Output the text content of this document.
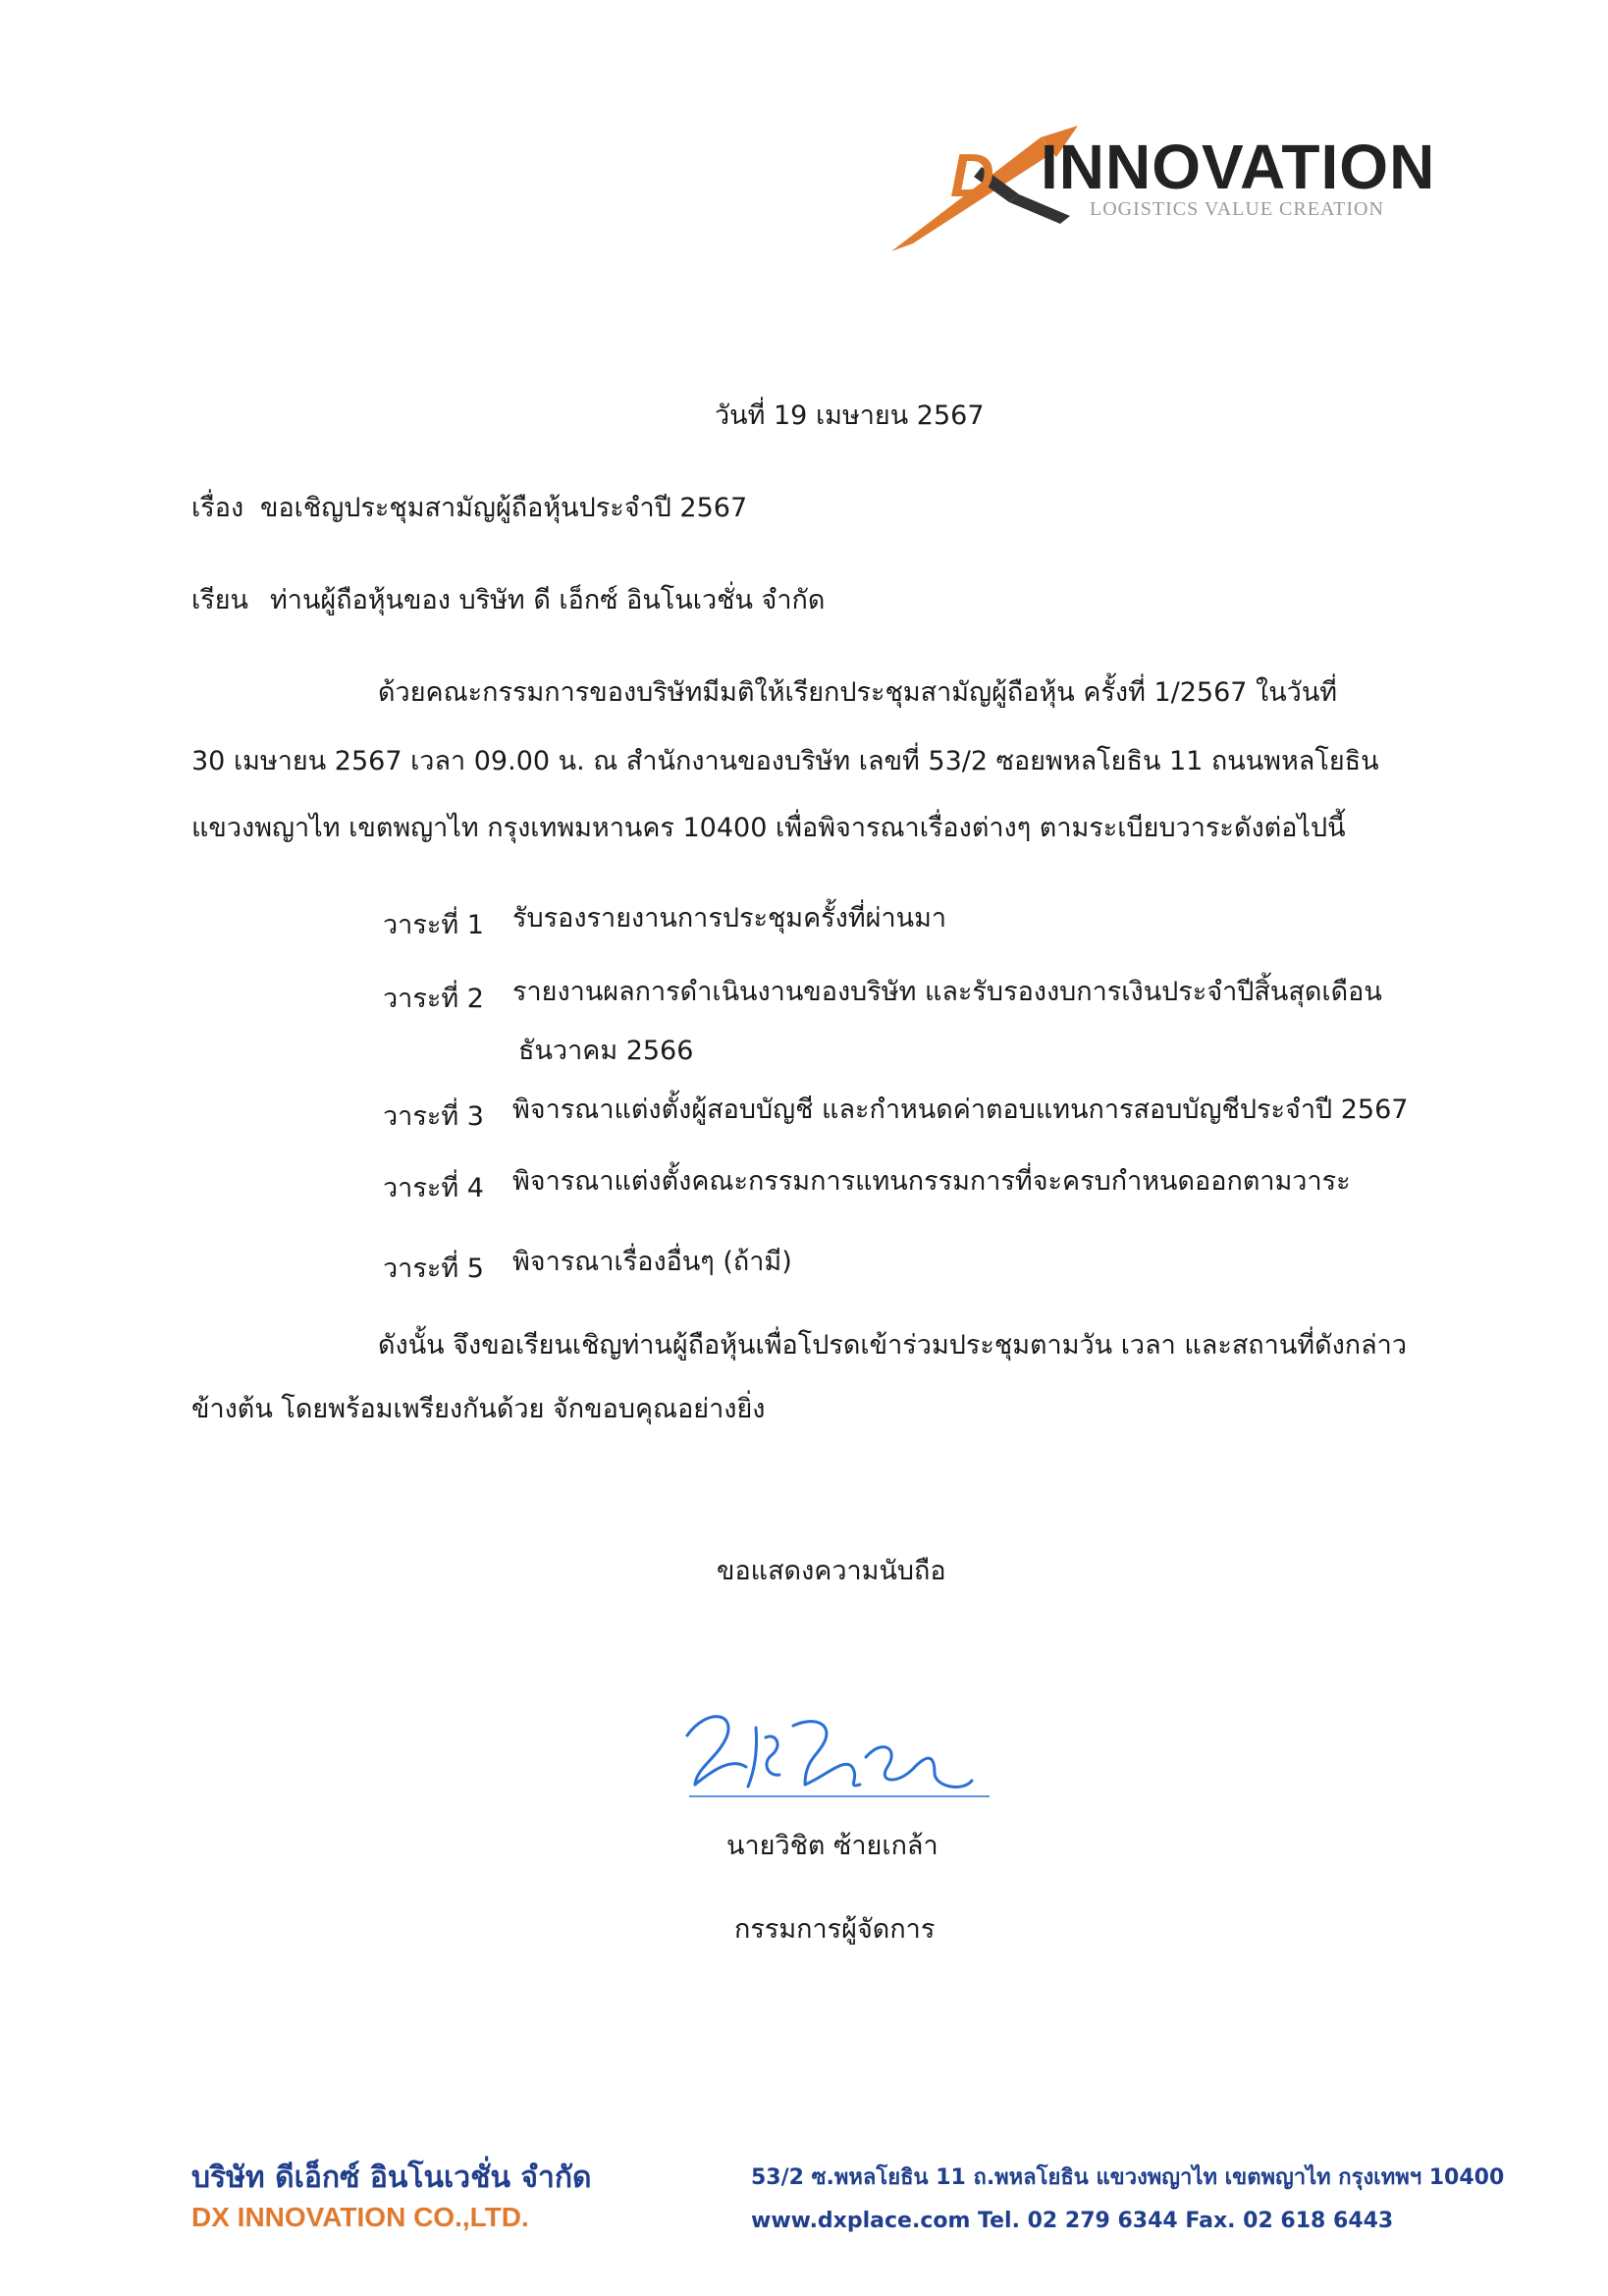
D INNOVATION
LOGISTICS VALUE CREATION
วันที่ 19 เมษายน 2567
เรื่อง ขอเชิญประชุมสามัญผู้ถือหุ้นประจำปี 2567
เรียน ท่านผู้ถือหุ้นของ บริษัท ดี เอ็กซ์ อินโนเวชั่น จำกัด
ด้วยคณะกรรมการของบริษัทมีมติให้เรียกประชุมสามัญผู้ถือหุ้น ครั้งที่ 1/2567 ในวันที่
30 เมษายน 2567 เวลา 09.00 น. ณ สำนักงานของบริษัท เลขที่ 53/2 ซอยพหลโยธิน 11 ถนนพหลโยธิน
แขวงพญาไท เขตพญาไท กรุงเทพมหานคร 10400 เพื่อพิจารณาเรื่องต่างๆ ตามระเบียบวาระดังต่อไปนี้
วาระที่ 1 รับรองรายงานการประชุมครั้งที่ผ่านมา
วาระที่ 2 รายงานผลการดำเนินงานของบริษัท และรับรองงบการเงินประจำปีสิ้นสุดเดือน
ธันวาคม 2566
วาระที่ 3 พิจารณาแต่งตั้งผู้สอบบัญชี และกำหนดค่าตอบแทนการสอบบัญชีประจำปี 2567
วาระที่ 4 พิจารณาแต่งตั้งคณะกรรมการแทนกรรมการที่จะครบกำหนดออกตามวาระ
วาระที่ 5 พิจารณาเรื่องอื่นๆ (ถ้ามี)
ดังนั้น จึงขอเรียนเชิญท่านผู้ถือหุ้นเพื่อโปรดเข้าร่วมประชุมตามวัน เวลา และสถานที่ดังกล่าว
ข้างต้น โดยพร้อมเพรียงกันด้วย จักขอบคุณอย่างยิ่ง
ขอแสดงความนับถือ
นายวิชิต ซ้ายเกล้า
กรรมการผู้จัดการ
บริษัท ดีเอ็กซ์ อินโนเวชั่น จำกัด
DX INNOVATION CO.,LTD.
53/2 ซ.พหลโยธิน 11 ถ.พหลโยธิน แขวงพญาไท เขตพญาไท กรุงเทพฯ 10400
www.dxplace.com Tel. 02 279 6344 Fax. 02 618 6443
